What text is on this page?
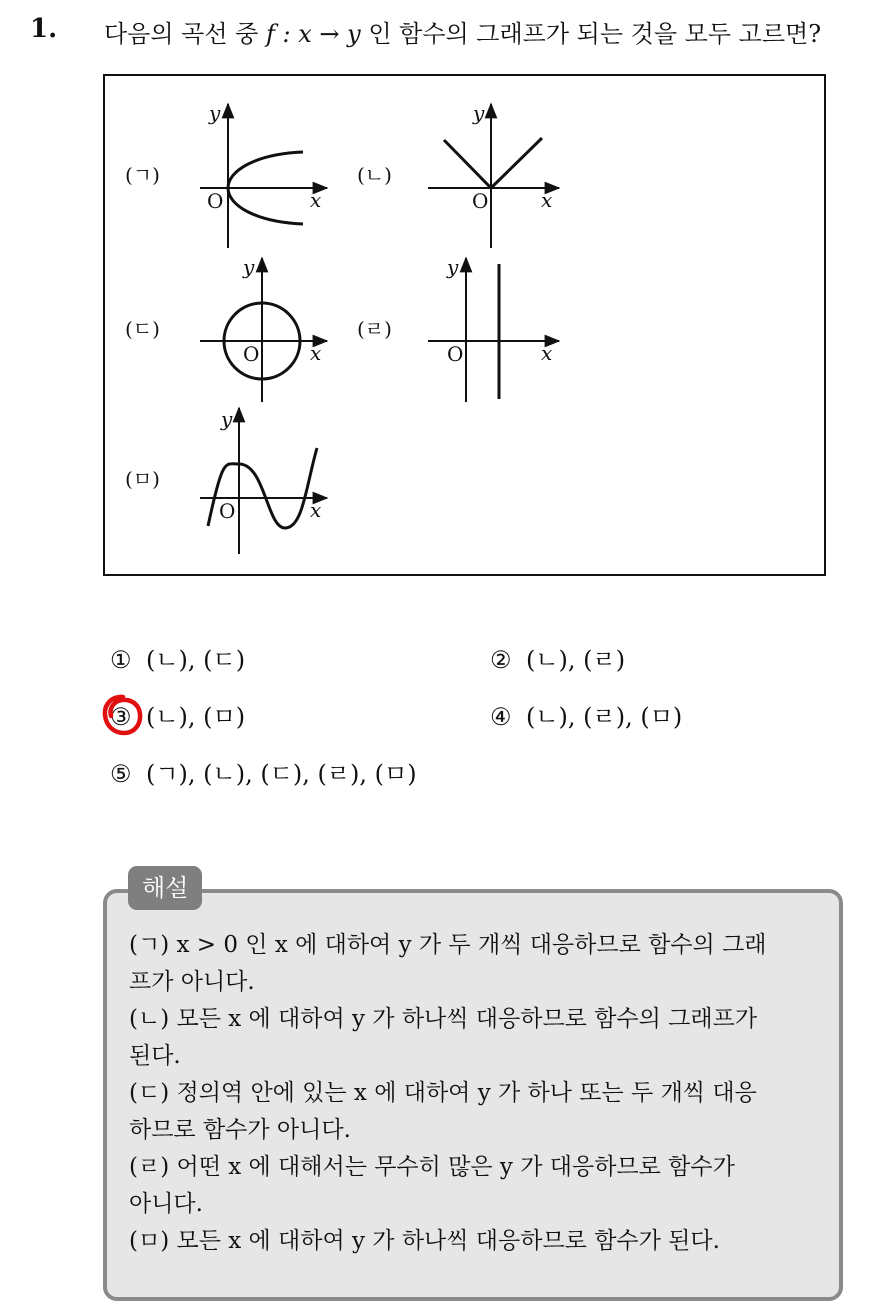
1. 다음의 곡선 중 f : x → y 인 함수의 그래프가 되는 것을 모두 고르면?
(ㄱ)
y
O	x
(ㄴ)
y
O	x
(ㄷ)
y
O	x
(ㄹ)
y
O	x
(ㅁ)
y
O	x
① (ㄴ), (ㄷ)	② (ㄴ), (ㄹ)
③ (ㄴ), (ㅁ)	④ (ㄴ), (ㄹ), (ㅁ)
⑤ (ㄱ), (ㄴ), (ㄷ), (ㄹ), (ㅁ)
(ㄱ) x > 0 인 x 에 대하여 y 가 두 개씩 대응하므로 함수의 그래
프가 아니다.
(ㄴ) 모든 x 에 대하여 y 가 하나씩 대응하므로 함수의 그래프가
된다.
(ㄷ) 정의역 안에 있는 x 에 대하여 y 가 하나 또는 두 개씩 대응
하므로 함수가 아니다.
(ㄹ) 어떤 x 에 대해서는 무수히 많은 y 가 대응하므로 함수가
아니다.
(ㅁ) 모든 x 에 대하여 y 가 하나씩 대응하므로 함수가 된다.
해설
